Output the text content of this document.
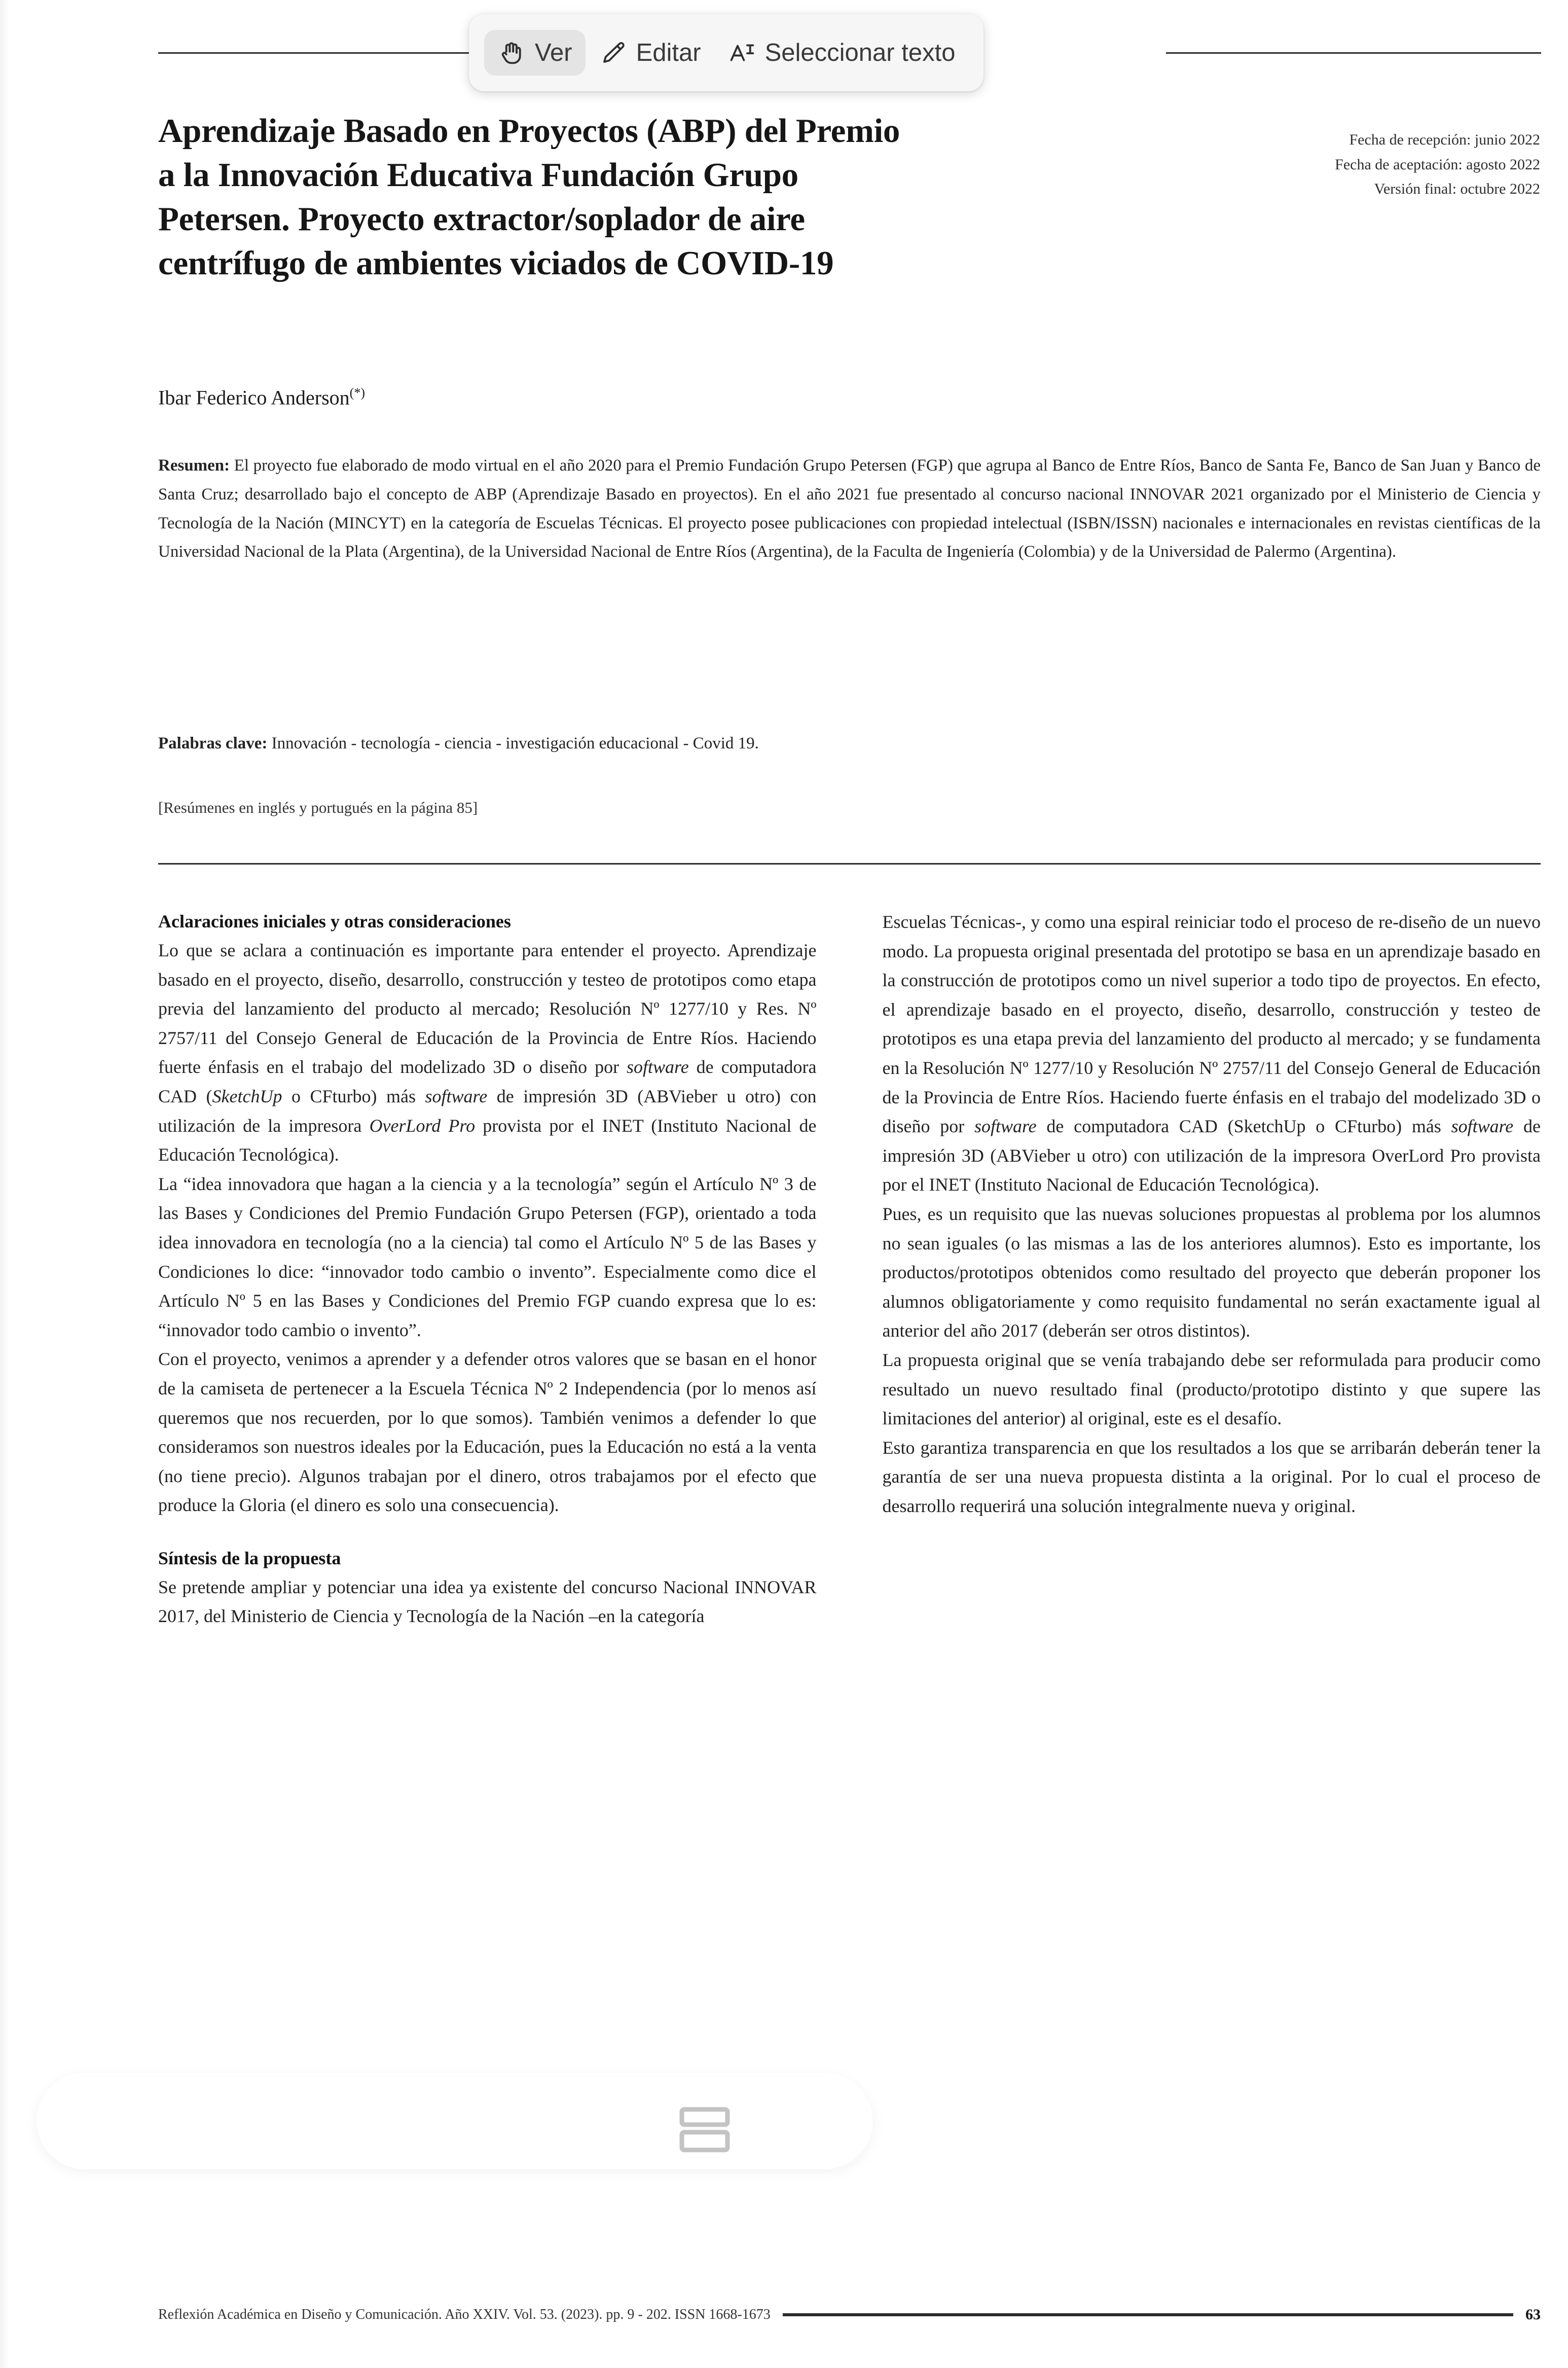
Aprendizaje Basado en Proyectos (ABP) del Premio a la Innovación Educativa Fundación Grupo Petersen. Proyecto extractor/soplador de aire centrífugo de ambientes viciados de COVID-19
Fecha de recepción: junio 2022
Fecha de aceptación: agosto 2022
Versión final: octubre 2022
Ibar Federico Anderson(*)
Resumen: El proyecto fue elaborado de modo virtual en el año 2020 para el Premio Fundación Grupo Petersen (FGP) que agrupa al Banco de Entre Ríos, Banco de Santa Fe, Banco de San Juan y Banco de Santa Cruz; desarrollado bajo el concepto de ABP (Aprendizaje Basado en proyectos). En el año 2021 fue presentado al concurso nacional INNOVAR 2021 organizado por el Ministerio de Ciencia y Tecnología de la Nación (MINCYT) en la categoría de Escuelas Técnicas. El proyecto posee publicaciones con propiedad intelectual (ISBN/ISSN) nacionales e internacionales en revistas científicas de la Universidad Nacional de la Plata (Argentina), de la Universidad Nacional de Entre Ríos (Argentina), de la Faculta de Ingeniería (Colombia) y de la Universidad de Palermo (Argentina).
Palabras clave: Innovación - tecnología - ciencia - investigación educacional - Covid 19.
[Resúmenes en inglés y portugués en la página 85]
Aclaraciones iniciales y otras consideraciones

Lo que se aclara a continuación es importante para entender el proyecto. Aprendizaje basado en el proyecto, diseño, desarrollo, construcción y testeo de prototipos como etapa previa del lanzamiento del producto al mercado; Resolución Nº 1277/10 y Res. Nº 2757/11 del Consejo General de Educación de la Provincia de Entre Ríos. Haciendo fuerte énfasis en el trabajo del modelizado 3D o diseño por software de computadora CAD (SketchUp o CFturbo) más software de impresión 3D (ABVieber u otro) con utilización de la impresora OverLord Pro provista por el INET (Instituto Nacional de Educación Tecnológica).

La “idea innovadora que hagan a la ciencia y a la tecnología” según el Artículo Nº 3 de las Bases y Condiciones del Premio Fundación Grupo Petersen (FGP), orientado a toda idea innovadora en tecnología (no a la ciencia) tal como el Artículo Nº 5 de las Bases y Condiciones lo dice: “innovador todo cambio o invento”. Especialmente como dice el Artículo Nº 5 en las Bases y Condiciones del Premio FGP cuando expresa que lo es: “innovador todo cambio o invento”.

Con el proyecto, venimos a aprender y a defender otros valores que se basan en el honor de la camiseta de pertenecer a la Escuela Técnica Nº 2 Independencia (por lo menos así queremos que nos recuerden, por lo que somos). También venimos a defender lo que consideramos son nuestros ideales por la Educación, pues la Educación no está a la venta (no tiene precio). Algunos trabajan por el dinero, otros trabajamos por el efecto que produce la Gloria (el dinero es solo una consecuencia).

Síntesis de la propuesta

Se pretende ampliar y potenciar una idea ya existente del concurso Nacional INNOVAR 2017, del Ministerio de Ciencia y Tecnología de la Nación –en la categoría

Escuelas Técnicas-, y como una espiral reiniciar todo el proceso de re-diseño de un nuevo modo. La propuesta original presentada del prototipo se basa en un aprendizaje basado en la construcción de prototipos como un nivel superior a todo tipo de proyectos. En efecto, el aprendizaje basado en el proyecto, diseño, desarrollo, construcción y testeo de prototipos es una etapa previa del lanzamiento del producto al mercado; y se fundamenta en la Resolución Nº 1277/10 y Resolución Nº 2757/11 del Consejo General de Educación de la Provincia de Entre Ríos. Haciendo fuerte énfasis en el trabajo del modelizado 3D o diseño por software de computadora CAD (SketchUp o CFturbo) más software de impresión 3D (ABVieber u otro) con utilización de la impresora OverLord Pro provista por el INET (Instituto Nacional de Educación Tecnológica).

Pues, es un requisito que las nuevas soluciones propuestas al problema por los alumnos no sean iguales (o las mismas a las de los anteriores alumnos). Esto es importante, los productos/prototipos obtenidos como resultado del proyecto que deberán proponer los alumnos obligatoriamente y como requisito fundamental no serán exactamente igual al anterior del año 2017 (deberán ser otros distintos).

La propuesta original que se venía trabajando debe ser reformulada para producir como resultado un nuevo resultado final (producto/prototipo distinto y que supere las limitaciones del anterior) al original, este es el desafío.

Esto garantiza transparencia en que los resultados a los que se arribarán deberán tener la garantía de ser una nueva propuesta distinta a la original. Por lo cual el proceso de desarrollo requerirá una solución integralmente nueva y original.

Reflexión Académica en Diseño y Comunicación. Año XXIV. Vol. 53. (2023). pp. 9 - 202. ISSN 1668-1673	63
Ver	Editar	Seleccionar texto
